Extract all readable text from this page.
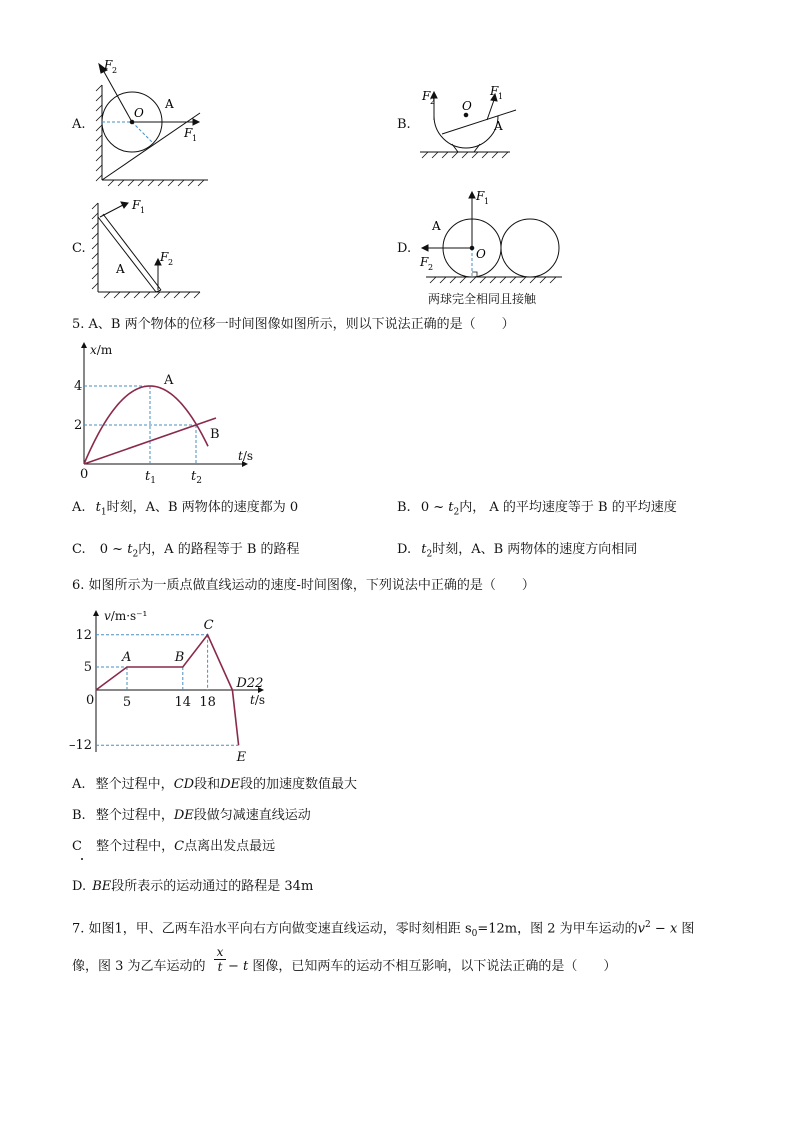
A.
F 2
O
A
F 1
B.
F 2 O
F 1
A
C.
F 1
F 2
A
D.
F 1
A
O
F 2
两球完全相同且接触
5. A、B 两个物体的位移一时间图像如图所示，则以下说法正确的是（　　）
x/m
t/s
0
4
2
$t_1$	$t_2$
A
B
A. $t_1$时刻，A、B 两物体的速度都为 0	B. 0 ~ $t_2$内， A 的平均速度等于 B 的平均速度
C. 0 ~ $t_2$内，A 的路程等于 B 的路程	D. $t_2$时刻，A、B 两物体的速度方向相同
6. 如图所示为一质点做直线运动的速度-时间图像，下列说法中正确的是（　　）
v/m·s⁻¹
t/s
0
12
5
–12
5	14 18
A	B
C
D22
E
A. 整个过程中，CD段和DE段的加速度数值最大
B. 整个过程中，DE段做匀减速直线运动
C 整个过程中，C点离出发点最远
D. BE段所表示的运动通过的路程是 34m
7. 如图1，甲、乙两车沿水平向右方向做变速直线运动，零时刻相距 $s_0=12m$，图 2 为甲车运动的$v^2 - x$ 图
像，图 3 为乙车运动的 $\frac{x}{t} - t$ 图像，已知两车的运动不相互影响，以下说法正确的是（　　）
